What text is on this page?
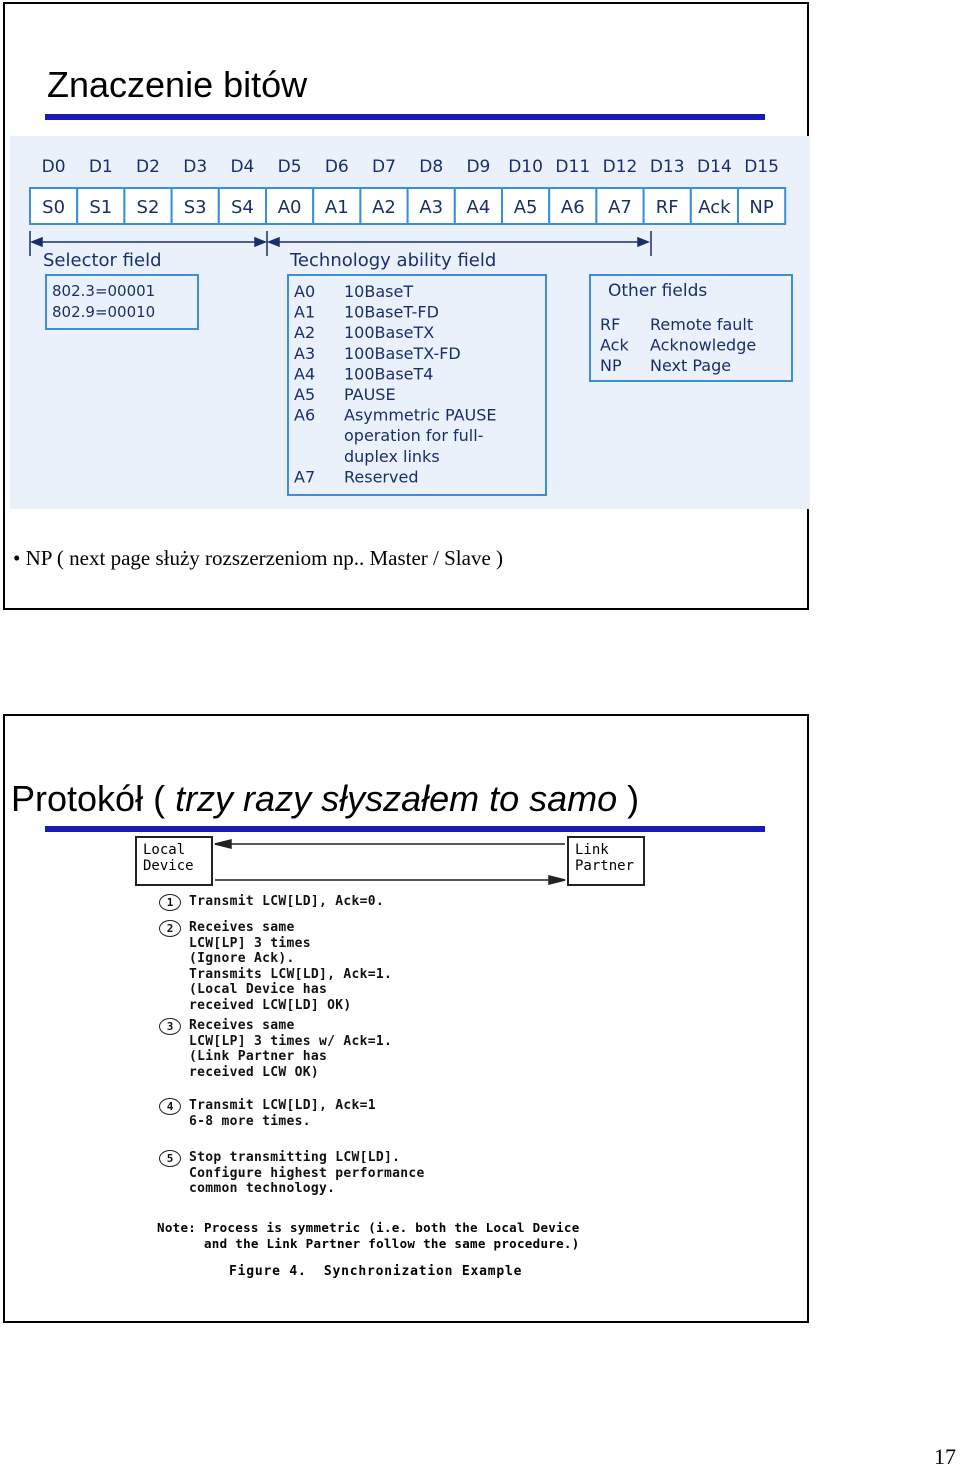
Znaczenie bitów
D0 D1 D2 D3 D4 D5 D6 D7 D8 D9 D10 D11 D12 D13 D14 D15
S0 S1 S2 S3 S4 A0 A1 A2 A3 A4 A5 A6 A7 RF Ack NP
Selector field	Technology ability field
802.3=00001
802.9=00010
A0 10BaseT
A1 10BaseT-FD
A2 100BaseTX
A3 100BaseTX-FD
A4 100BaseT4
A5 PAUSE
A6 Asymmetric PAUSE
operation for full-
duplex links
A7 Reserved
Other fields
RF Remote fault
Ack Acknowledge
NP Next Page
• NP ( next page służy rozszerzeniom np.. Master / Slave )
Protokół ( trzy razy słyszałem to samo )
Local
Device
Link
Partner
1	Transmit LCW[LD], Ack=0.
2	Receives same
LCW[LP] 3 times
(Ignore Ack).
Transmits LCW[LD], Ack=1.
(Local Device has
received LCW[LD] OK)
3	Receives same
LCW[LP] 3 times w/ Ack=1.
(Link Partner has
received LCW OK)
4	Transmit LCW[LD], Ack=1
6-8 more times.
5	Stop transmitting LCW[LD].
Configure highest performance
common technology.
Note: Process is symmetric (i.e. both the Local Device
and the Link Partner follow the same procedure.)
Figure 4.  Synchronization Example
17
